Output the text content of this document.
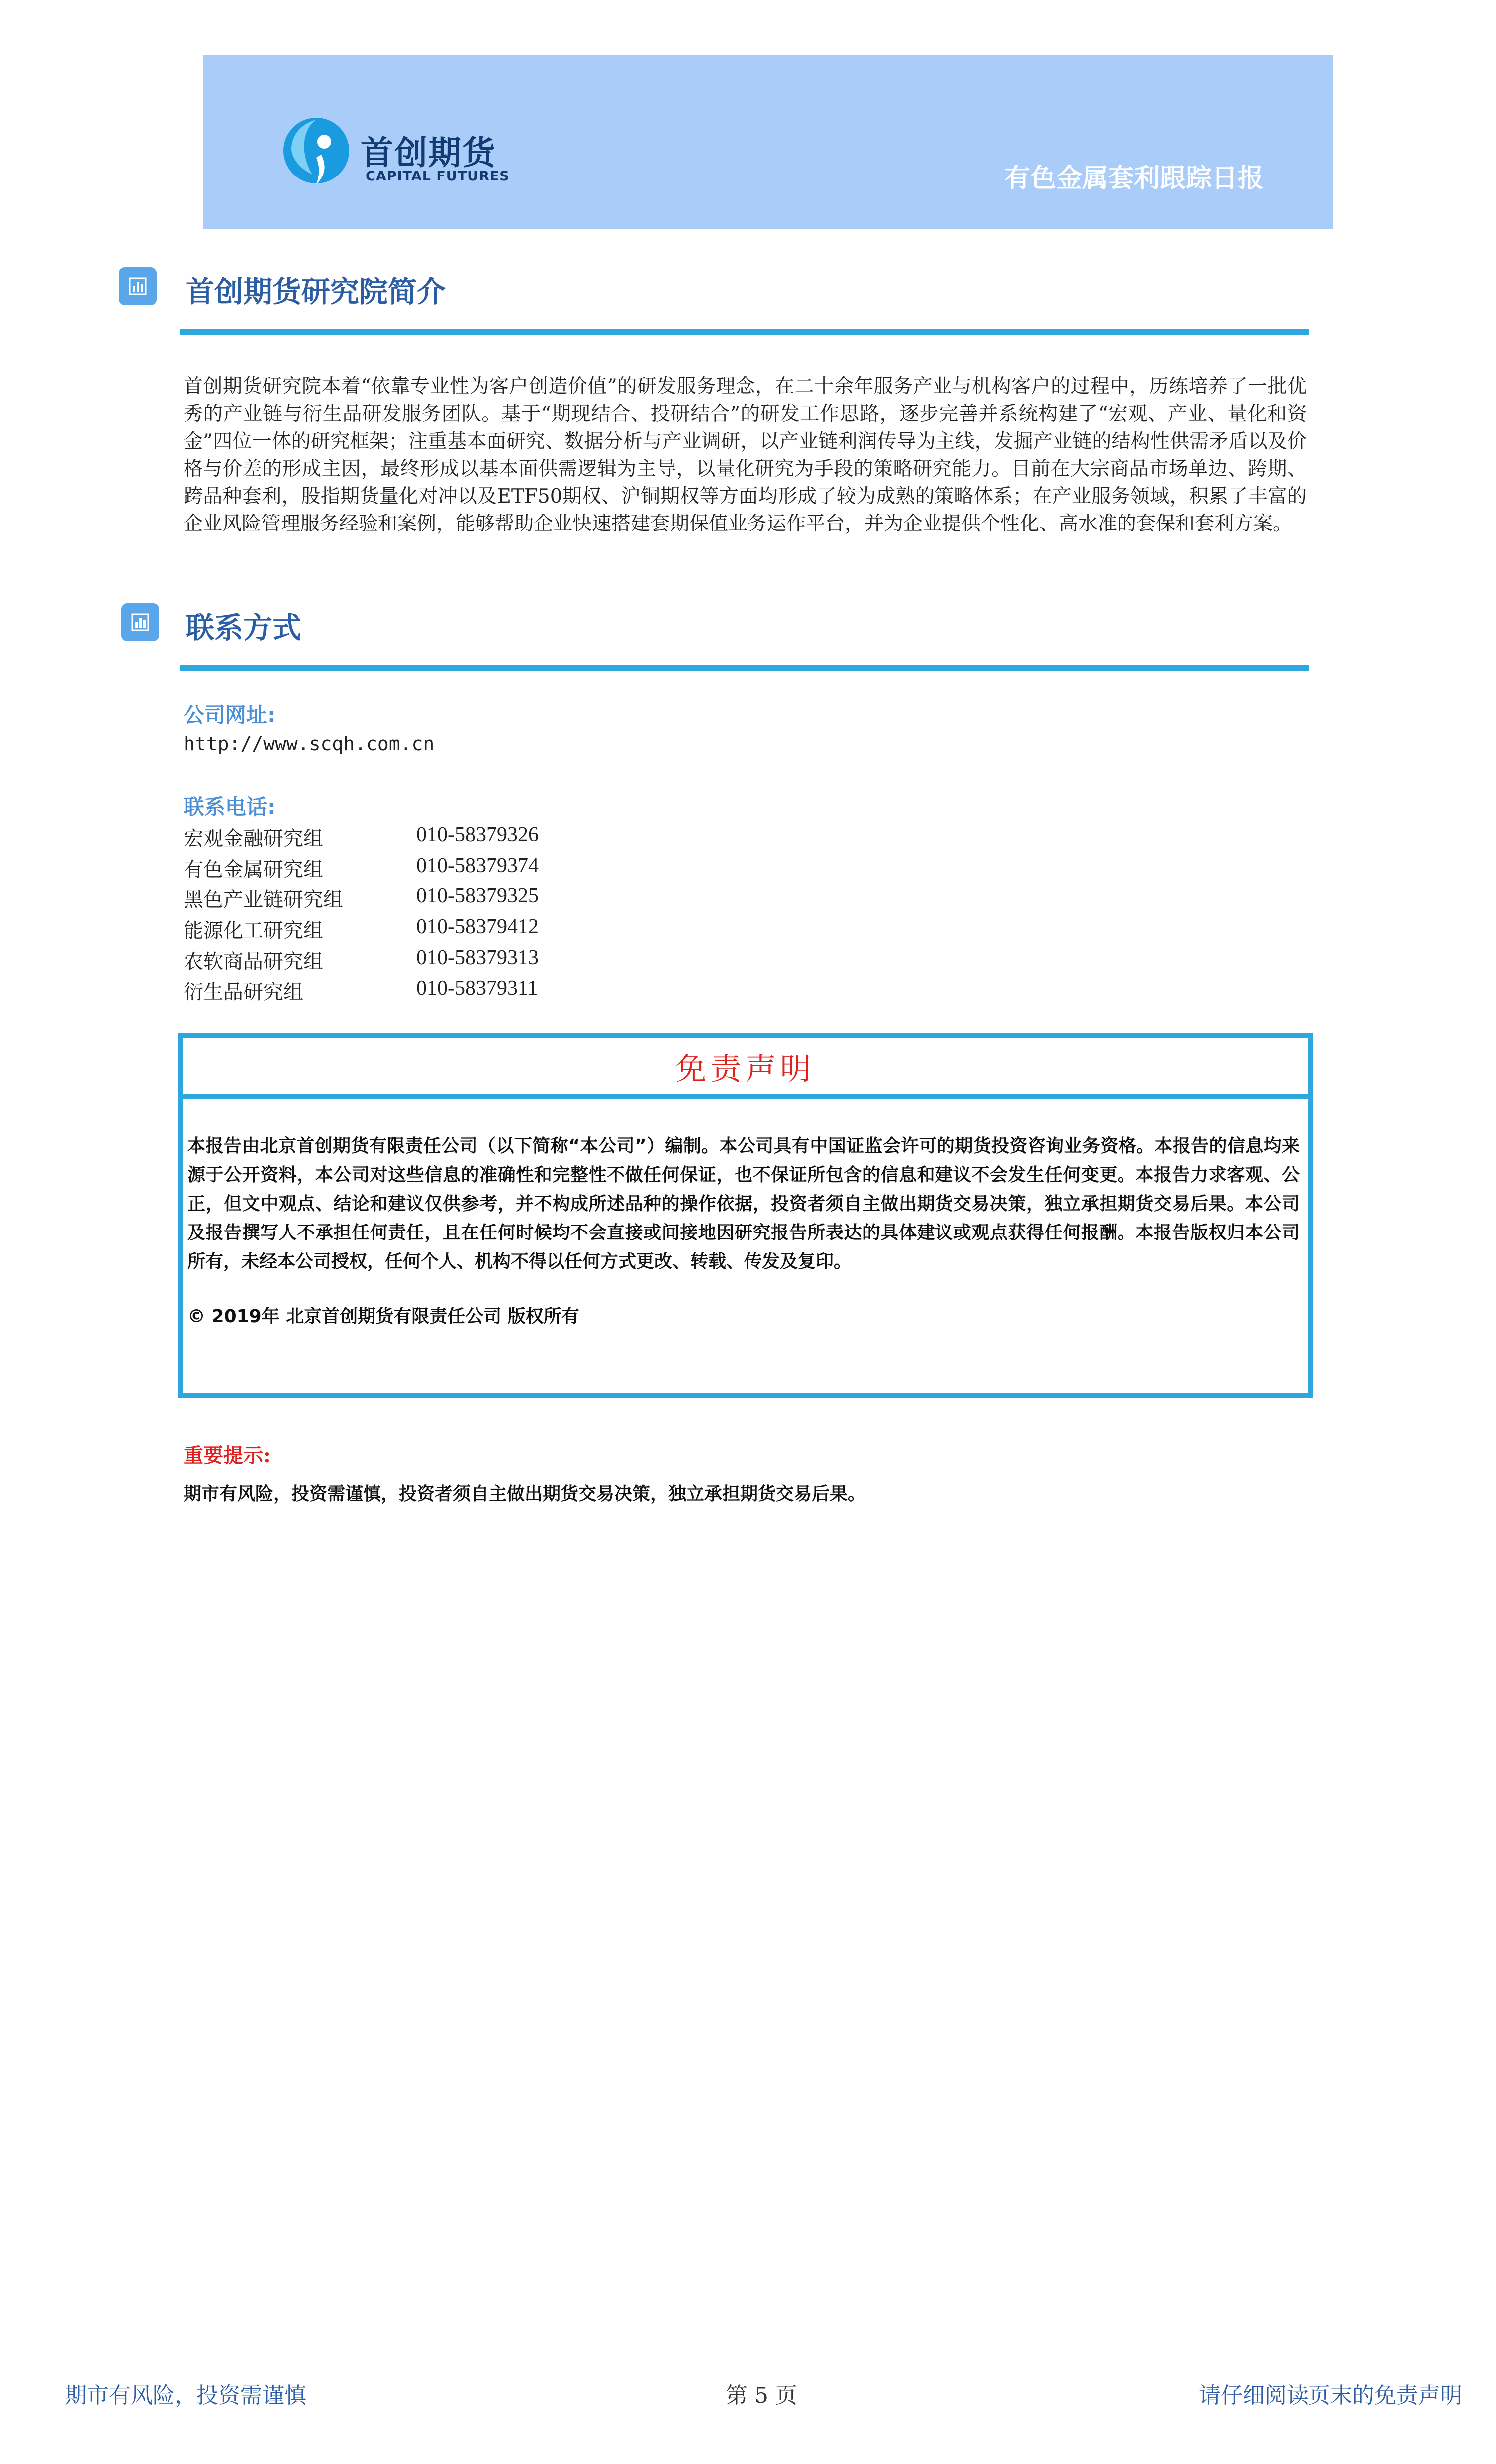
首创期货
CAPITAL FUTURES	有色金属套利跟踪日报
首创期货研究院简介
首创期货研究院本着“依靠专业性为客户创造价值”的研发服务理念，在二十余年服务产业与机构客户的过程中，历练培养了一批优秀的产业链与衍生品研发服务团队。基于“期现结合、投研结合”的研发工作思路，逐步完善并系统构建了“宏观、产业、量化和资金”四位一体的研究框架；注重基本面研究、数据分析与产业调研，以产业链利润传导为主线，发掘产业链的结构性供需矛盾以及价格与价差的形成主因，最终形成以基本面供需逻辑为主导，以量化研究为手段的策略研究能力。目前在大宗商品市场单边、跨期、跨品种套利，股指期货量化对冲以及ETF50期权、沪铜期权等方面均形成了较为成熟的策略体系；在产业服务领域，积累了丰富的企业风险管理服务经验和案例，能够帮助企业快速搭建套期保值业务运作平台，并为企业提供个性化、高水准的套保和套利方案。
联系方式
公司网址:
http://www.scqh.com.cn
联系电话:
宏观金融研究组	010-58379326
有色金属研究组	010-58379374
黑色产业链研究组	010-58379325
能源化工研究组	010-58379412
农软商品研究组	010-58379313
衍生品研究组	010-58379311
免责声明
本报告由北京首创期货有限责任公司（以下简称“本公司”）编制。本公司具有中国证监会许可的期货投资咨询业务资格。本报告的信息均来源于公开资料，本公司对这些信息的准确性和完整性不做任何保证，也不保证所包含的信息和建议不会发生任何变更。本报告力求客观、公正，但文中观点、结论和建议仅供参考，并不构成所述品种的操作依据，投资者须自主做出期货交易决策，独立承担期货交易后果。本公司及报告撰写人不承担任何责任，且在任何时候均不会直接或间接地因研究报告所表达的具体建议或观点获得任何报酬。本报告版权归本公司所有，未经本公司授权，任何个人、机构不得以任何方式更改、转载、传发及复印。
© 2019年 北京首创期货有限责任公司 版权所有
重要提示:
期市有风险，投资需谨慎，投资者须自主做出期货交易决策，独立承担期货交易后果。
期市有风险，投资需谨慎	第 5 页	请仔细阅读页末的免责声明
